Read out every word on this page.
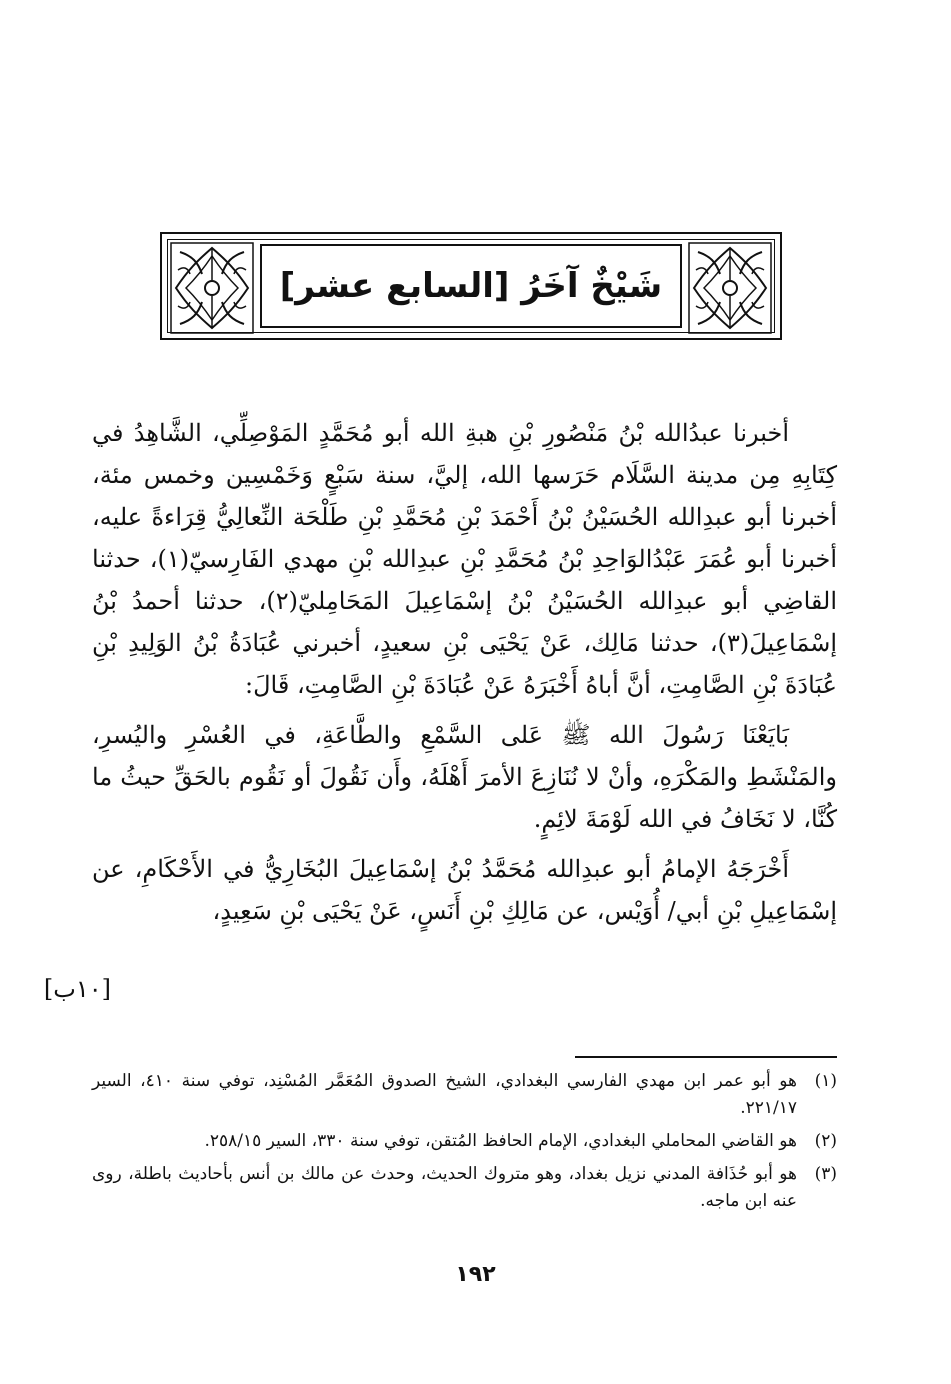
شَيْخٌ آخَرُ [السابع عشر]

أخبرنا عبدُالله بْنُ مَنْصُورِ بْنِ هبةِ الله أبو مُحَمَّدٍ المَوْصِلِّي، الشَّاهِدُ في كِتَابِهِ مِن مدينة السَّلَام حَرَسها الله، إليَّ، سنة سَبْعٍ وَخَمْسِين وخمس مئة، أخبرنا أبو عبدِالله الحُسَيْنُ بْنُ أَحْمَدَ بْنِ مُحَمَّدِ بْنِ طَلْحَة النِّعالِيُّ قِرَاءةً عليه، أخبرنا أبو عُمَرَ عَبْدُالوَاحِدِ بْنُ مُحَمَّدِ بْنِ عبدِالله بْنِ مهدي الفَارِسيّ(١)، حدثنا القاضِي أبو عبدِالله الحُسَيْنُ بْنُ إسْمَاعِيلَ المَحَامِليّ(٢)، حدثنا أحمدُ بْنُ إسْمَاعِيلَ(٣)، حدثنا مَالِك، عَنْ يَحْيَى بْنِ سعيدٍ، أخبرني عُبَادَةُ بْنُ الوَلِيدِ بْنِ عُبَادَةَ بْنِ الصَّامِتِ، أنَّ أباهُ أَخْبَرَهُ عَنْ عُبَادَةَ بْنِ الصَّامِتِ، قَالَ:

بَايَعْنَا رَسُولَ الله ﷺ عَلى السَّمْعِ والطَّاعَةِ، في العُسْرِ واليُسرِ، والمَنْشَطِ والمَكْرَهِ، وأنْ لا نُنَازِعَ الأمرَ أَهْلَهُ، وأَن نَقُولَ أو نَقُوم بالحَقِّ حيثُ ما كُنَّا، لا نَخَافُ في الله لَوْمَةَ لائِمٍ.

أَخْرَجَهُ الإمامُ أبو عبدِالله مُحَمَّدُ بْنُ إسْمَاعِيلَ البُخَارِيُّ في الأَحْكَامِ، عن إسْمَاعِيلِ بْنِ أبي/ أُوَيْس، عن مَالِكِ بْنِ أَنَسٍ، عَنْ يَحْيَى بْنِ سَعِيدٍ،

[١٠ب]
(١)
هو أبو عمر ابن مهدي الفارسي البغدادي، الشيخ الصدوق المُعَمَّر المُسْنِد، توفي سنة ٤١٠، السير ٢٢١/١٧.
(٢)
هو القاضي المحاملي البغدادي، الإمام الحافظ المُتقن، توفي سنة ٣٣٠، السير ٢٥٨/١٥.
(٣)
هو أبو حُذَافة المدني نزيل بغداد، وهو متروك الحديث، وحدث عن مالك بن أنس بأحاديث باطلة، روى عنه ابن ماجه.
١٩٢
